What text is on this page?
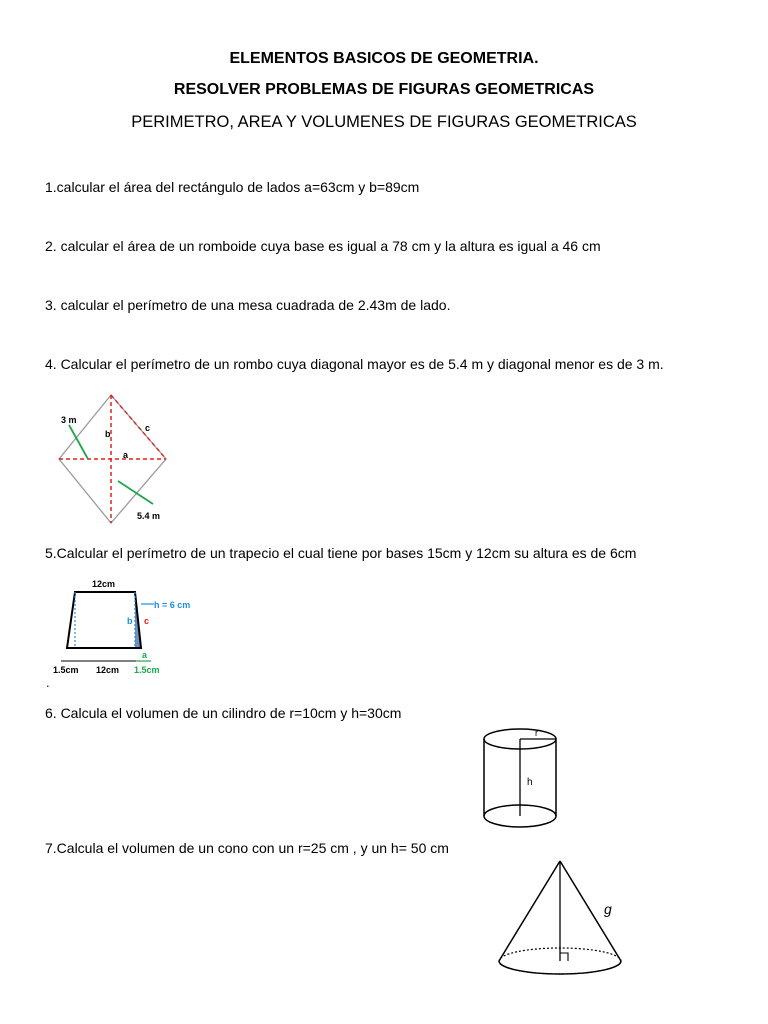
ELEMENTOS BASICOS DE GEOMETRIA.
RESOLVER PROBLEMAS DE FIGURAS GEOMETRICAS
PERIMETRO, AREA Y VOLUMENES DE FIGURAS GEOMETRICAS
1.calcular el área del rectángulo de lados a=63cm y b=89cm
2. calcular el área de un romboide cuya base es igual a 78 cm y la altura es igual a 46 cm
3. calcular el perímetro de una mesa cuadrada de 2.43m de lado.
4. Calcular el perímetro de un rombo cuya diagonal mayor es de 5.4 m y diagonal menor es de 3 m.
3 m
b
c
a
5.4 m
5.Calcular el perímetro de un trapecio el cual tiene por bases 15cm y 12cm su altura es de 6cm
12cm
h = 6 cm
b c
a
1.5cm 12cm 1.5cm
.
6. Calcula el volumen de un cilindro de r=10cm y h=30cm
r
h
7.Calcula el volumen de un cono con un r=25 cm , y un h= 50 cm
g
